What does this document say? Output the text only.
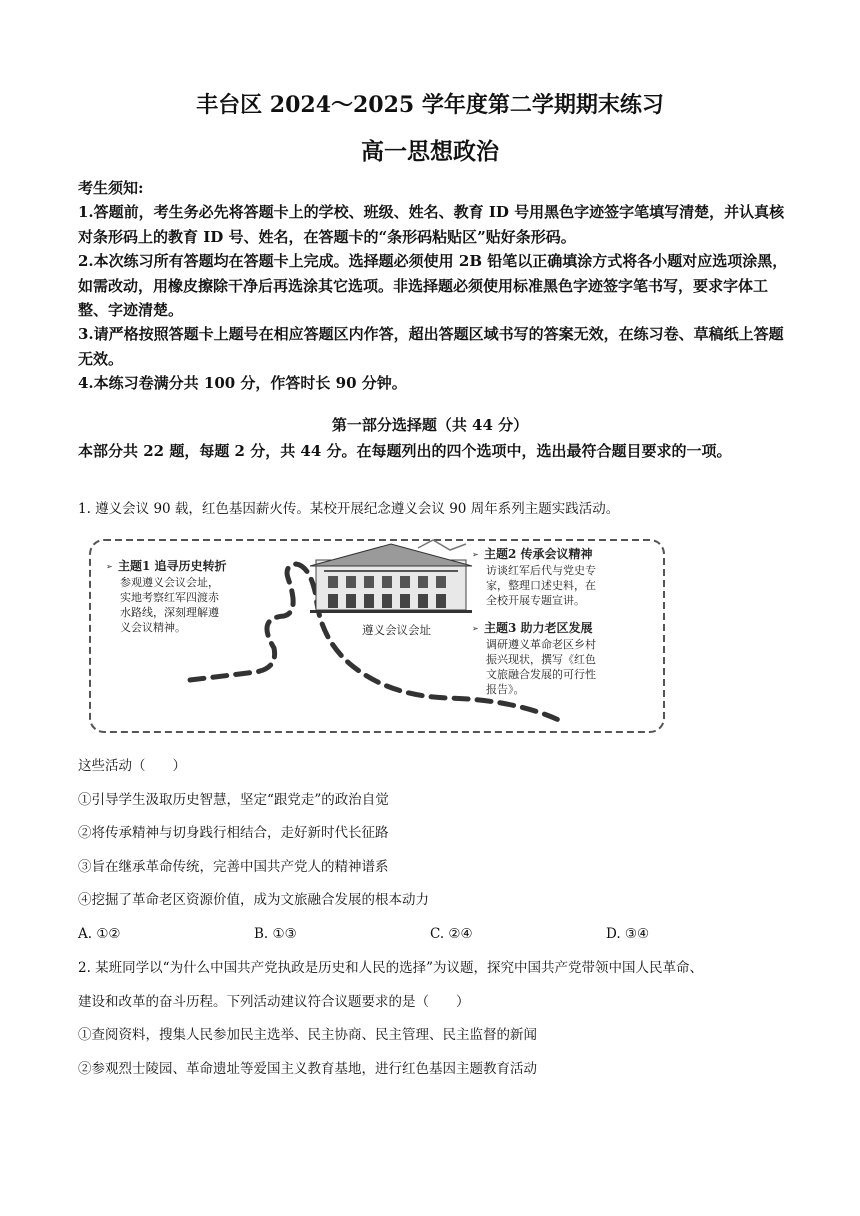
丰台区 2024～2025 学年度第二学期期末练习
高一思想政治

考生须知:

1.答题前，考生务必先将答题卡上的学校、班级、姓名、教育 ID 号用黑色字迹签字笔填写清楚，并认真核对条形码上的教育 ID 号、姓名，在答题卡的“条形码粘贴区”贴好条形码。

2.本次练习所有答题均在答题卡上完成。选择题必须使用 2B 铅笔以正确填涂方式将各小题对应选项涂黑，如需改动，用橡皮擦除干净后再选涂其它选项。非选择题必须使用标准黑色字迹签字笔书写，要求字体工整、字迹清楚。

3.请严格按照答题卡上题号在相应答题区内作答，超出答题区域书写的答案无效，在练习卷、草稿纸上答题无效。

4.本练习卷满分共 100 分，作答时长 90 分钟。

第一部分选择题（共 44 分）
本部分共 22 题，每题 2 分，共 44 分。在每题列出的四个选项中，选出最符合题目要求的一项。
1. 遵义会议 90 载，红色基因薪火传。某校开展纪念遵义会议 90 周年系列主题实践活动。
遵义会议会址
➢ 主题1 追寻历史转折
参观遵义会议会址，
实地考察红军四渡赤
水路线，深刻理解遵
义会议精神。
➢ 主题2 传承会议精神
访谈红军后代与党史专
家，整理口述史料，在
全校开展专题宣讲。
➢ 主题3 助力老区发展
调研遵义革命老区乡村
振兴现状，撰写《红色
文旅融合发展的可行性
报告》。

这些活动（　　）

①引导学生汲取历史智慧，坚定“跟党走”的政治自觉

②将传承精神与切身践行相结合，走好新时代长征路

③旨在继承革命传统，完善中国共产党人的精神谱系

④挖掘了革命老区资源价值，成为文旅融合发展的根本动力

A. ①②	B. ①③	C. ②④	D. ③④

2. 某班同学以“为什么中国共产党执政是历史和人民的选择”为议题，探究中国共产党带领中国人民革命、

建设和改革的奋斗历程。下列活动建议符合议题要求的是（　　）

①查阅资料，搜集人民参加民主选举、民主协商、民主管理、民主监督的新闻

②参观烈士陵园、革命遗址等爱国主义教育基地，进行红色基因主题教育活动
